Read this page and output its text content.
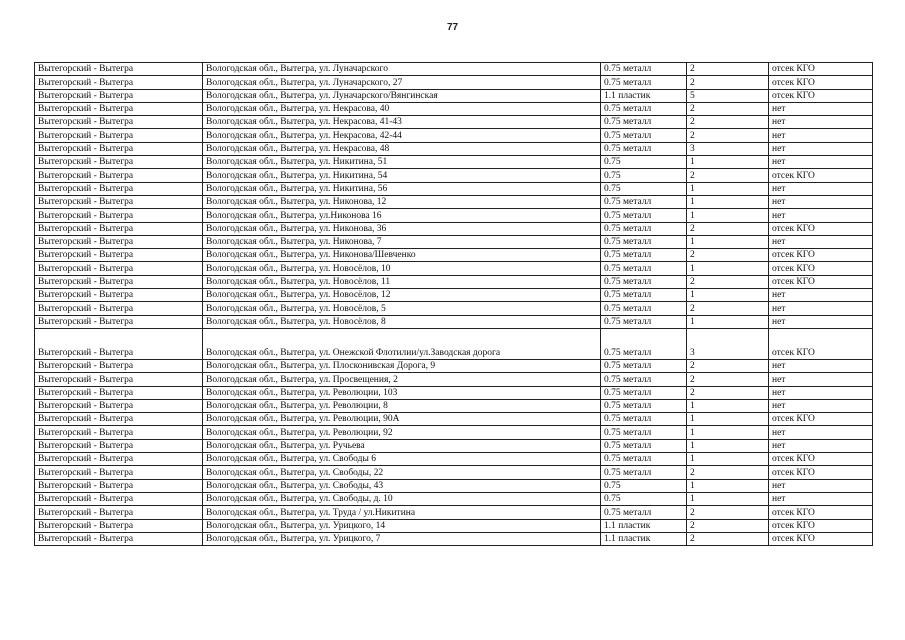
77
Вытегорский - Вытегра	Вологодская обл., Вытегра, ул. Луначарского	0.75 металл	2	отсек КГО
Вытегорский - Вытегра	Вологодская обл., Вытегра, ул. Луначарского, 27	0.75 металл	2	отсек КГО
Вытегорский - Вытегра	Вологодская обл., Вытегра, ул. Луначарского/Вянгинская	1.1 пластик	5	отсек КГО
Вытегорский - Вытегра	Вологодская обл., Вытегра, ул. Некрасова, 40	0.75 металл	2	нет
Вытегорский - Вытегра	Вологодская обл., Вытегра, ул. Некрасова, 41-43	0.75 металл	2	нет
Вытегорский - Вытегра	Вологодская обл., Вытегра, ул. Некрасова, 42-44	0.75 металл	2	нет
Вытегорский - Вытегра	Вологодская обл., Вытегра, ул. Некрасова, 48	0.75 металл	3	нет
Вытегорский - Вытегра	Вологодская обл., Вытегра, ул. Никитина, 51	0.75	1	нет
Вытегорский - Вытегра	Вологодская обл., Вытегра, ул. Никитина, 54	0.75	2	отсек КГО
Вытегорский - Вытегра	Вологодская обл., Вытегра, ул. Никитина, 56	0.75	1	нет
Вытегорский - Вытегра	Вологодская обл., Вытегра, ул. Никонова, 12	0.75 металл	1	нет
Вытегорский - Вытегра	Вологодская обл., Вытегра, ул.Никонова 16	0.75 металл	1	нет
Вытегорский - Вытегра	Вологодская обл., Вытегра, ул. Никонова, 36	0.75 металл	2	отсек КГО
Вытегорский - Вытегра	Вологодская обл., Вытегра, ул. Никонова, 7	0.75 металл	1	нет
Вытегорский - Вытегра	Вологодская обл., Вытегра, ул. Никонова/Шевченко	0.75 металл	2	отсек КГО
Вытегорский - Вытегра	Вологодская обл., Вытегра, ул. Новосёлов, 10	0.75 металл	1	отсек КГО
Вытегорский - Вытегра	Вологодская обл., Вытегра, ул. Новосёлов, 11	0.75 металл	2	отсек КГО
Вытегорский - Вытегра	Вологодская обл., Вытегра, ул. Новосёлов, 12	0.75 металл	1	нет
Вытегорский - Вытегра	Вологодская обл., Вытегра, ул. Новосёлов, 5	0.75 металл	2	нет
Вытегорский - Вытегра	Вологодская обл., Вытегра, ул. Новосёлов, 8	0.75 металл	1	нет
Вытегорский - Вытегра	Вологодская обл., Вытегра, ул. Онежской Флотилии/ул.Заводская дорога	0.75 металл	3	отсек КГО
Вытегорский - Вытегра	Вологодская обл., Вытегра, ул. Плосконивская Дорога, 9	0.75 металл	2	нет
Вытегорский - Вытегра	Вологодская обл., Вытегра, ул. Просвещения, 2	0.75 металл	2	нет
Вытегорский - Вытегра	Вологодская обл., Вытегра, ул. Революции, 103	0.75 металл	2	нет
Вытегорский - Вытегра	Вологодская обл., Вытегра, ул. Революции, 8	0.75 металл	1	нет
Вытегорский - Вытегра	Вологодская обл., Вытегра, ул. Революции, 90А	0.75 металл	1	отсек КГО
Вытегорский - Вытегра	Вологодская обл., Вытегра, ул. Революции, 92	0.75 металл	1	нет
Вытегорский - Вытегра	Вологодская обл., Вытегра, ул. Ручьева	0.75 металл	1	нет
Вытегорский - Вытегра	Вологодская обл., Вытегра, ул. Свободы 6	0.75 металл	1	отсек КГО
Вытегорский - Вытегра	Вологодская обл., Вытегра, ул. Свободы, 22	0.75 металл	2	отсек КГО
Вытегорский - Вытегра	Вологодская обл., Вытегра, ул. Свободы, 43	0.75	1	нет
Вытегорский - Вытегра	Вологодская обл., Вытегра, ул. Свободы, д. 10	0.75	1	нет
Вытегорский - Вытегра	Вологодская обл., Вытегра, ул. Труда / ул.Никитина	0.75 металл	2	отсек КГО
Вытегорский - Вытегра	Вологодская обл., Вытегра, ул. Урицкого, 14	1.1 пластик	2	отсек КГО
Вытегорский - Вытегра	Вологодская обл., Вытегра, ул. Урицкого, 7	1.1 пластик	2	отсек КГО
